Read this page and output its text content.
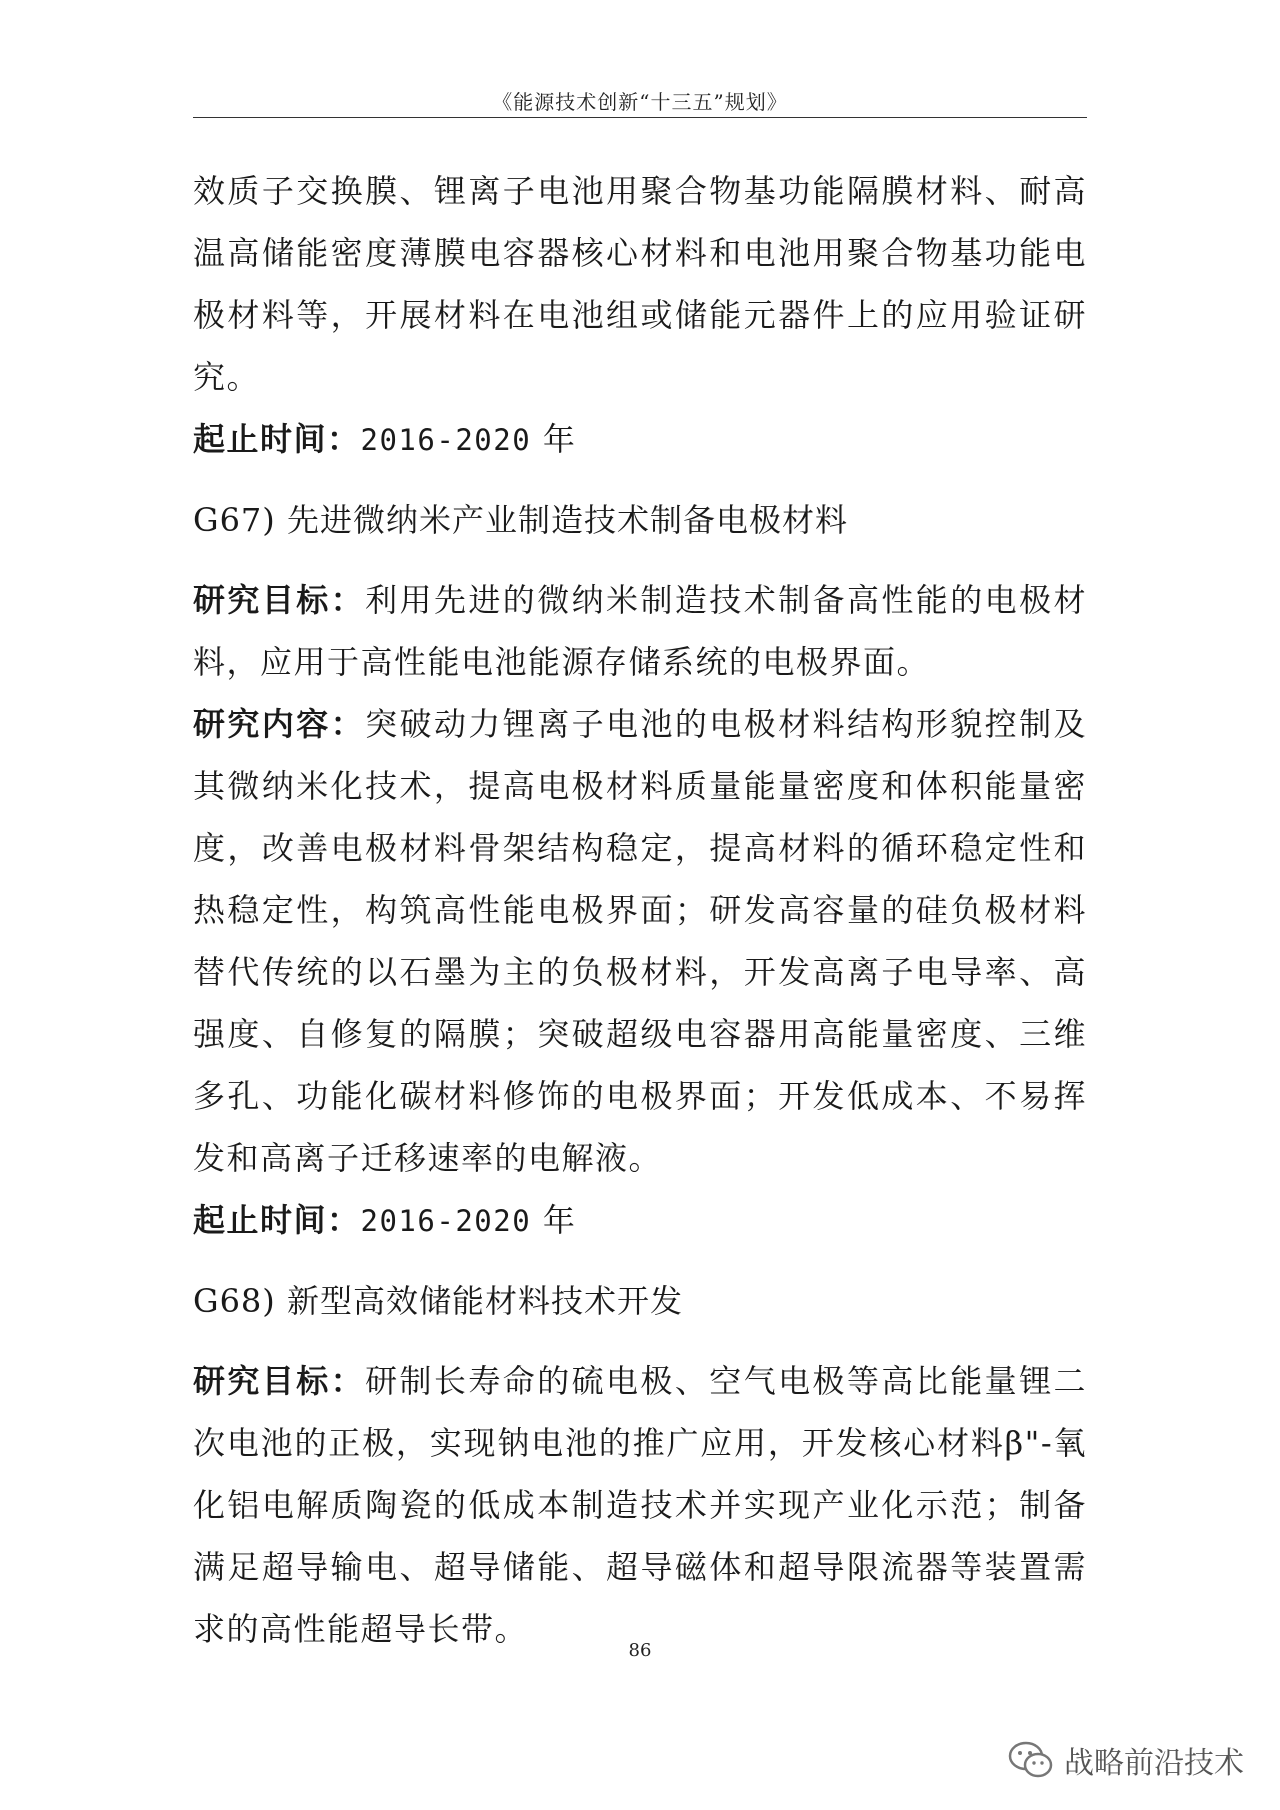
《能源技术创新“十三五”规划》

效质子交换膜、锂离子电池用聚合物基功能隔膜材料、耐高温高储能密度薄膜电容器核心材料和电池用聚合物基功能电极材料等，开展材料在电池组或储能元器件上的应用验证研究。

起止时间：2016-2020 年

G67) 先进微纳米产业制造技术制备电极材料

研究目标：利用先进的微纳米制造技术制备高性能的电极材料，应用于高性能电池能源存储系统的电极界面。

研究内容：突破动力锂离子电池的电极材料结构形貌控制及其微纳米化技术，提高电极材料质量能量密度和体积能量密度，改善电极材料骨架结构稳定，提高材料的循环稳定性和热稳定性，构筑高性能电极界面；研发高容量的硅负极材料替代传统的以石墨为主的负极材料，开发高离子电导率、高强度、自修复的隔膜；突破超级电容器用高能量密度、三维多孔、功能化碳材料修饰的电极界面；开发低成本、不易挥发和高离子迁移速率的电解液。

起止时间：2016-2020 年

G68) 新型高效储能材料技术开发

研究目标：研制长寿命的硫电极、空气电极等高比能量锂二次电池的正极，实现钠电池的推广应用，开发核心材料β"-氧化铝电解质陶瓷的低成本制造技术并实现产业化示范；制备满足超导输电、超导储能、超导磁体和超导限流器等装置需求的高性能超导长带。

86
战略前沿技术
